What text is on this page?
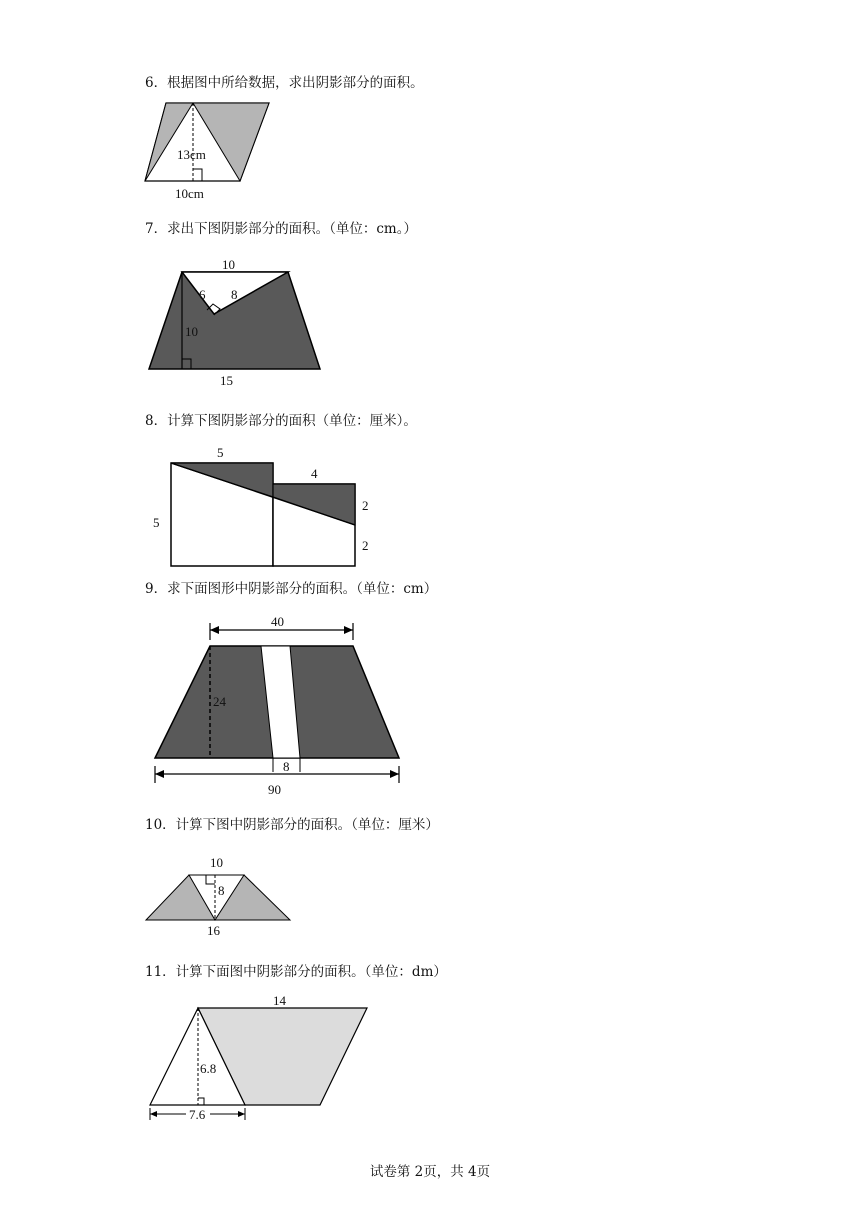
6．根据图中所给数据，求出阴影部分的面积。
13cm
10cm
7．求出下图阴影部分的面积。（单位：cm。）
10
6 8
10
15
8．计算下图阴影部分的面积（单位：厘米）。
5
4
5
2
2
9．求下面图形中阴影部分的面积。（单位：cm）
40
24
8
90
10．计算下图中阴影部分的面积。（单位：厘米）
10
8
16
11．计算下面图中阴影部分的面积。（单位：dm）
14
6.8
7.6
试卷第 2页，共 4页
